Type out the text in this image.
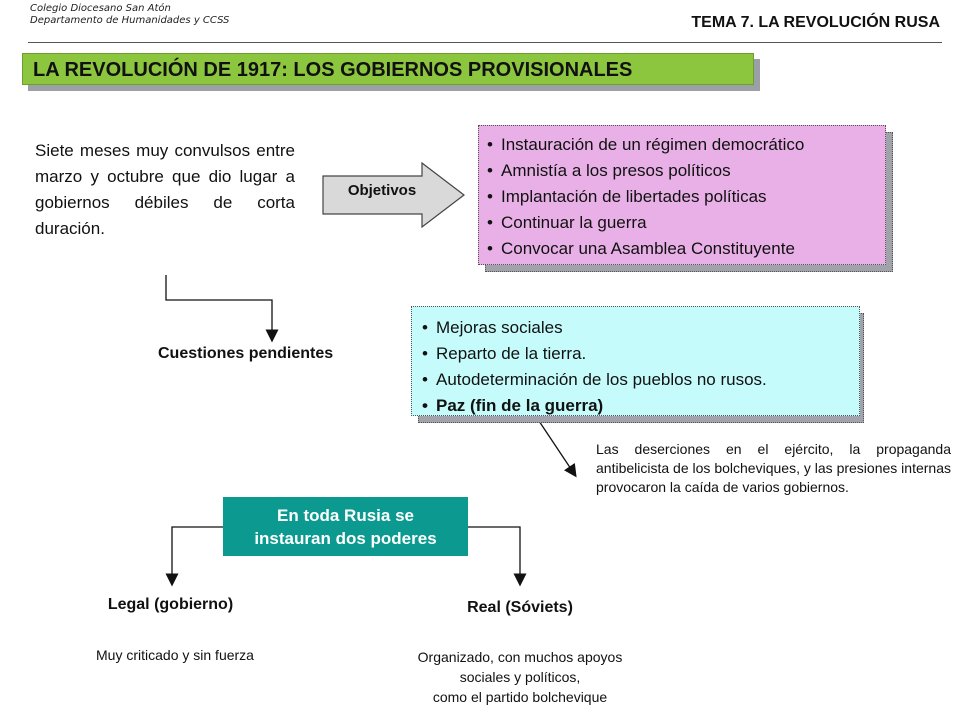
Colegio Diocesano San Atón
Departamento de Humanidades y CCSS	TEMA 7. LA REVOLUCIÓN RUSA
LA REVOLUCIÓN DE 1917: LOS GOBIERNOS PROVISIONALES
Siete meses muy convulsos entre marzo y octubre que dio lugar a gobiernos débiles de corta duración.
Objetivos
• Instauración de un régimen democrático
• Amnistía a los presos políticos
• Implantación de libertades políticas
• Continuar la guerra
• Convocar una Asamblea Constituyente
Cuestiones pendientes
• Mejoras sociales
• Reparto de la tierra.
• Autodeterminación de los pueblos no rusos.
• Paz (fin de la guerra)
Las deserciones en el ejército, la propaganda antibelicista de los bolcheviques, y las presiones internas provocaron la caída de varios gobiernos.
En toda Rusia se
instauran dos poderes
Legal (gobierno)	Real (Sóviets)
Muy criticado y sin fuerza	Organizado, con muchos apoyos
sociales y políticos,
como el partido bolchevique
